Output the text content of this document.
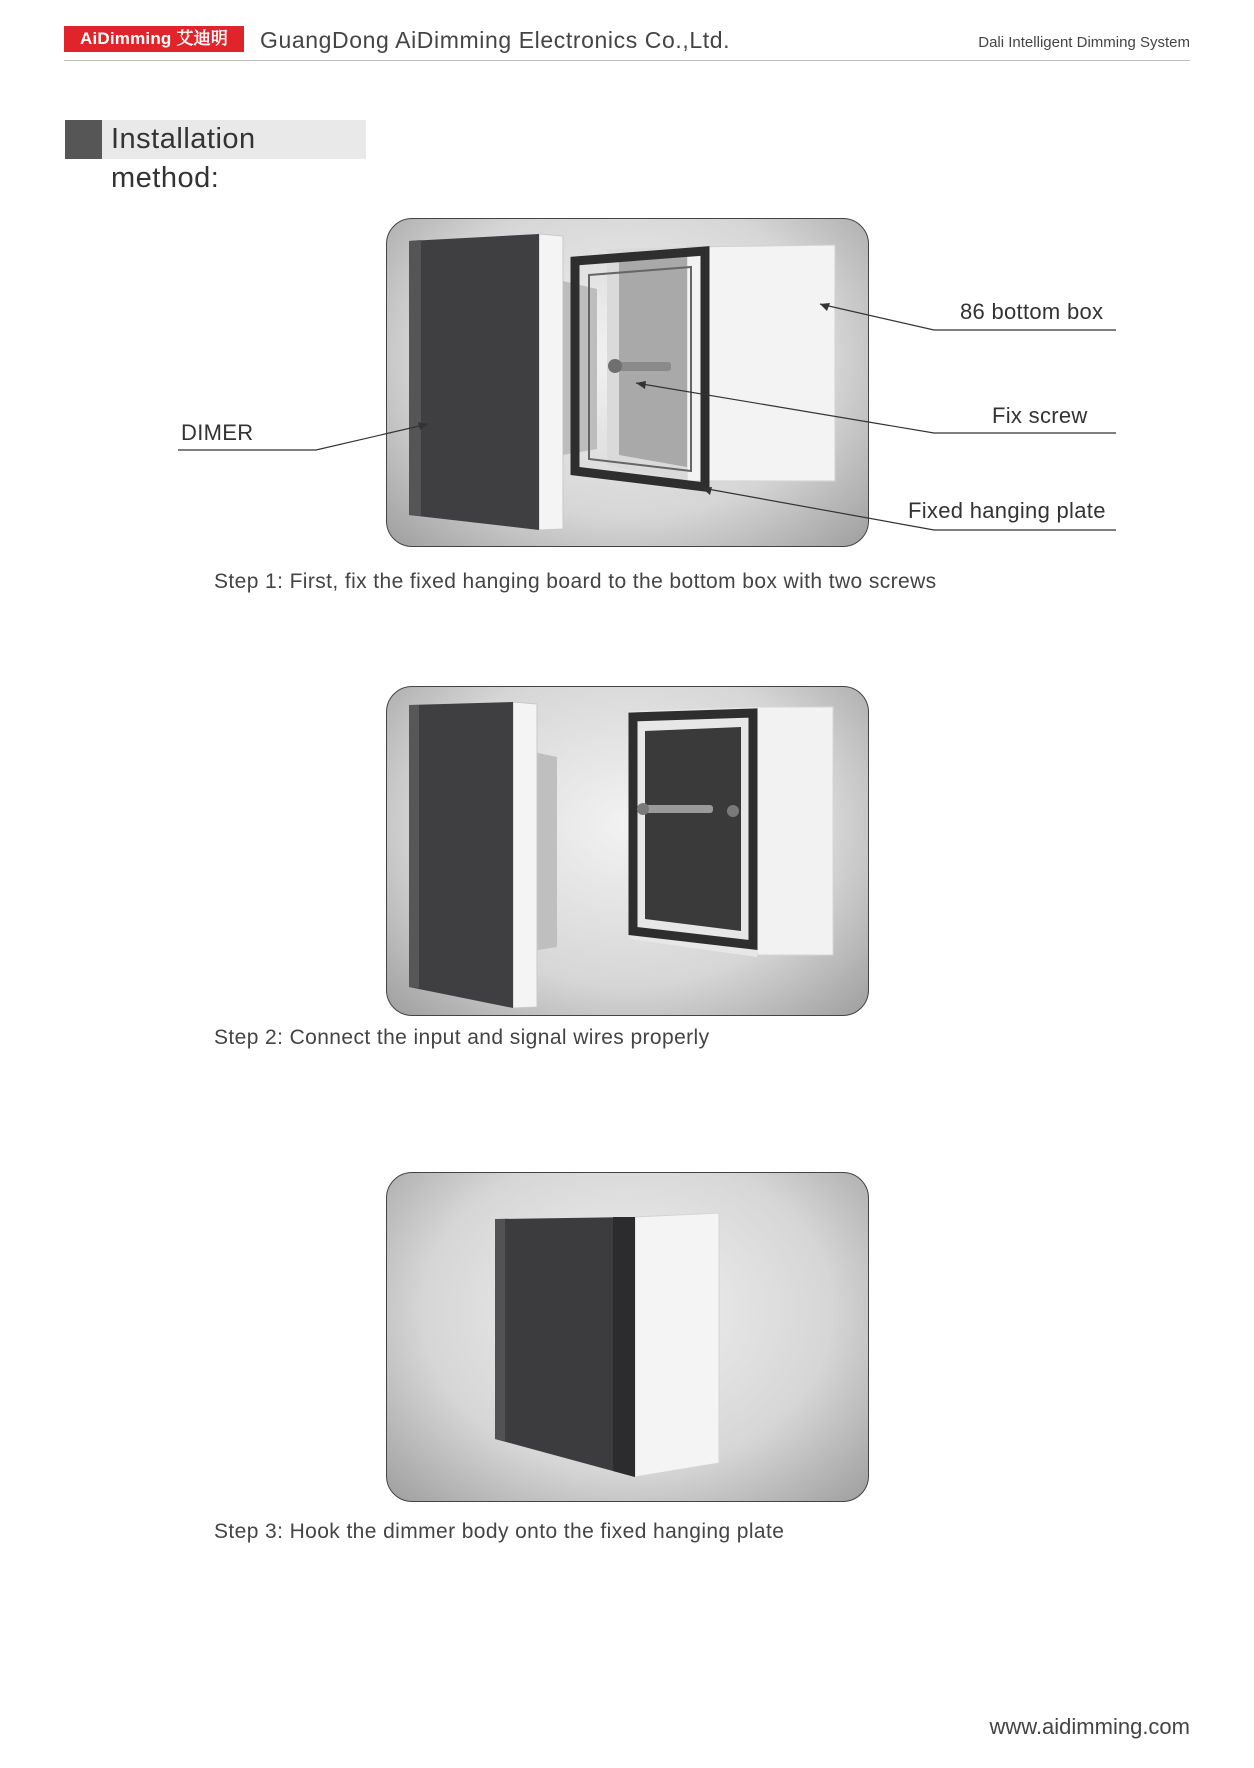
AiDimming 艾迪明	GuangDong AiDimming Electronics Co.,Ltd.	Dali Intelligent Dimming System
Installation method:
86 bottom box
Fix screw
Fixed hanging plate
DIMER
Step 1: First, fix the fixed hanging board to the bottom box with two screws
Step 2: Connect the input and signal wires properly
Step 3: Hook the dimmer body onto the fixed hanging plate
www.aidimming.com
